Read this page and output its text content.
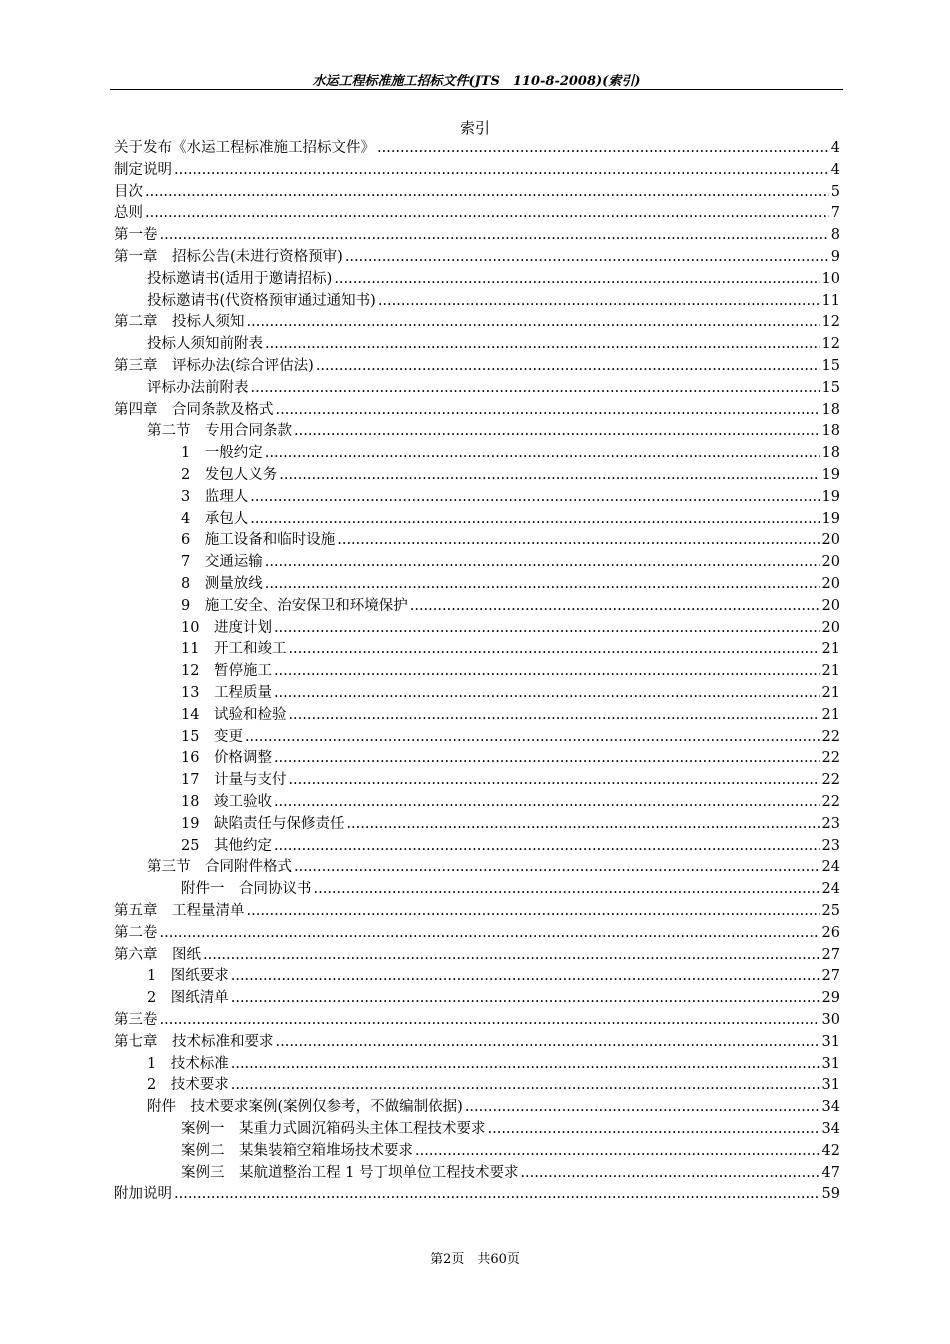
水运工程标准施工招标文件(JTS　110-8-2008)(索引)
索引
关于发布《水运工程标准施工招标文件》 .....	4
制定说明 .....	4
目次 .....	5
总则 .....	7
第一卷 .....	8
第一章　招标公告(未进行资格预审) .....	9
投标邀请书(适用于邀请招标) .....	10
投标邀请书(代资格预审通过通知书) .....	11
第二章　投标人须知 .....	12
投标人须知前附表 .....	12
第三章　评标办法(综合评估法) .....	15
评标办法前附表 .....	15
第四章　合同条款及格式 .....	18
第二节　专用合同条款 .....	18
1　一般约定 .....	18
2　发包人义务 .....	19
3　监理人 .....	19
4　承包人 .....	19
6　施工设备和临时设施 .....	20
7　交通运输 .....	20
8　测量放线 .....	20
9　施工安全、治安保卫和环境保护 .....	20
10　进度计划 .....	20
11　开工和竣工 .....	21
12　暂停施工 .....	21
13　工程质量 .....	21
14　试验和检验 .....	21
15　变更 .....	22
16　价格调整 .....	22
17　计量与支付 .....	22
18　竣工验收 .....	22
19　缺陷责任与保修责任 .....	23
25　其他约定 .....	23
第三节　合同附件格式 .....	24
附件一　合同协议书 .....	24
第五章　工程量清单 .....	25
第二卷 .....	26
第六章　图纸 .....	27
1　图纸要求 .....	27
2　图纸清单 .....	29
第三卷 .....	30
第七章　技术标准和要求 .....	31
1　技术标准 .....	31
2　技术要求 .....	31
附件　技术要求案例(案例仅参考，不做编制依据) .....	34
案例一　某重力式圆沉箱码头主体工程技术要求 .....	34
案例二　某集装箱空箱堆场技术要求 .....	42
案例三　某航道整治工程 1 号丁坝单位工程技术要求 .....	47
附加说明 .....	59
第2页　共60页
